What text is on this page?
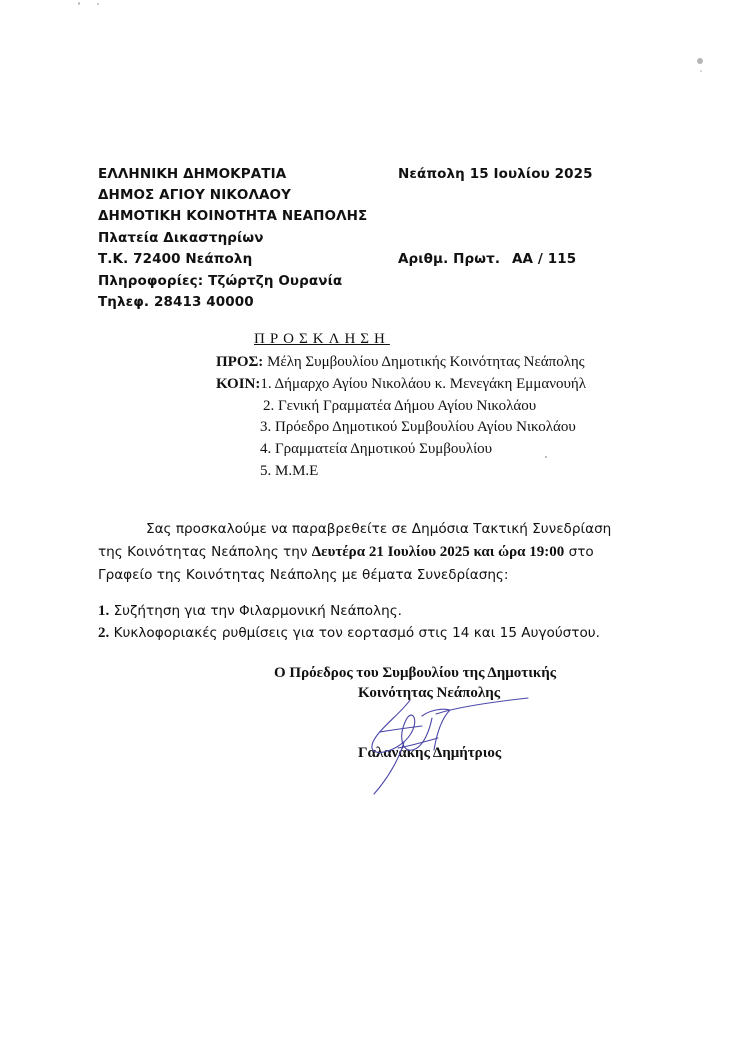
ΕΛΛΗΝΙΚΗ ΔΗΜΟΚΡΑΤΙΑ
ΔΗΜΟΣ ΑΓΙΟΥ ΝΙΚΟΛΑΟΥ
ΔΗΜΟΤΙΚΗ ΚΟΙΝΟΤΗΤΑ ΝΕΑΠΟΛΗΣ
Πλατεία Δικαστηρίων
Τ.Κ. 72400 Νεάπολη
Πληροφορίες: Τζώρτζη Ουρανία
Τηλεφ. 28413 40000
Νεάπολη 15 Ιουλίου 2025
Αριθμ. Πρωτ. ΑΑ / 115
ΠΡΟΣΚΛΗΣΗ
ΠΡΟΣ: Μέλη Συμβουλίου Δημοτικής Κοινότητας Νεάπολης
ΚΟΙΝ:1. Δήμαρχο Αγίου Νικολάου κ. Μενεγάκη Εμμανουήλ
2. Γενική Γραμματέα Δήμου Αγίου Νικολάου
3. Πρόεδρο Δημοτικού Συμβουλίου Αγίου Νικολάου
4. Γραμματεία Δημοτικού Συμβουλίου
5. Μ.Μ.Ε
Σας προσκαλούμε να παραβρεθείτε σε Δημόσια Τακτική Συνεδρίαση
της Κοινότητας Νεάπολης την Δευτέρα 21 Ιουλίου 2025 και ώρα 19:00 στο
Γραφείο της Κοινότητας Νεάπολης με θέματα Συνεδρίασης:
1. Συζήτηση για την Φιλαρμονική Νεάπολης.
2. Κυκλοφοριακές ρυθμίσεις για τον εορτασμό στις 14 και 15 Αυγούστου.
Ο Πρόεδρος του Συμβουλίου της Δημοτικής
Κοινότητας Νεάπολης
Γαλανάκης Δημήτριος
